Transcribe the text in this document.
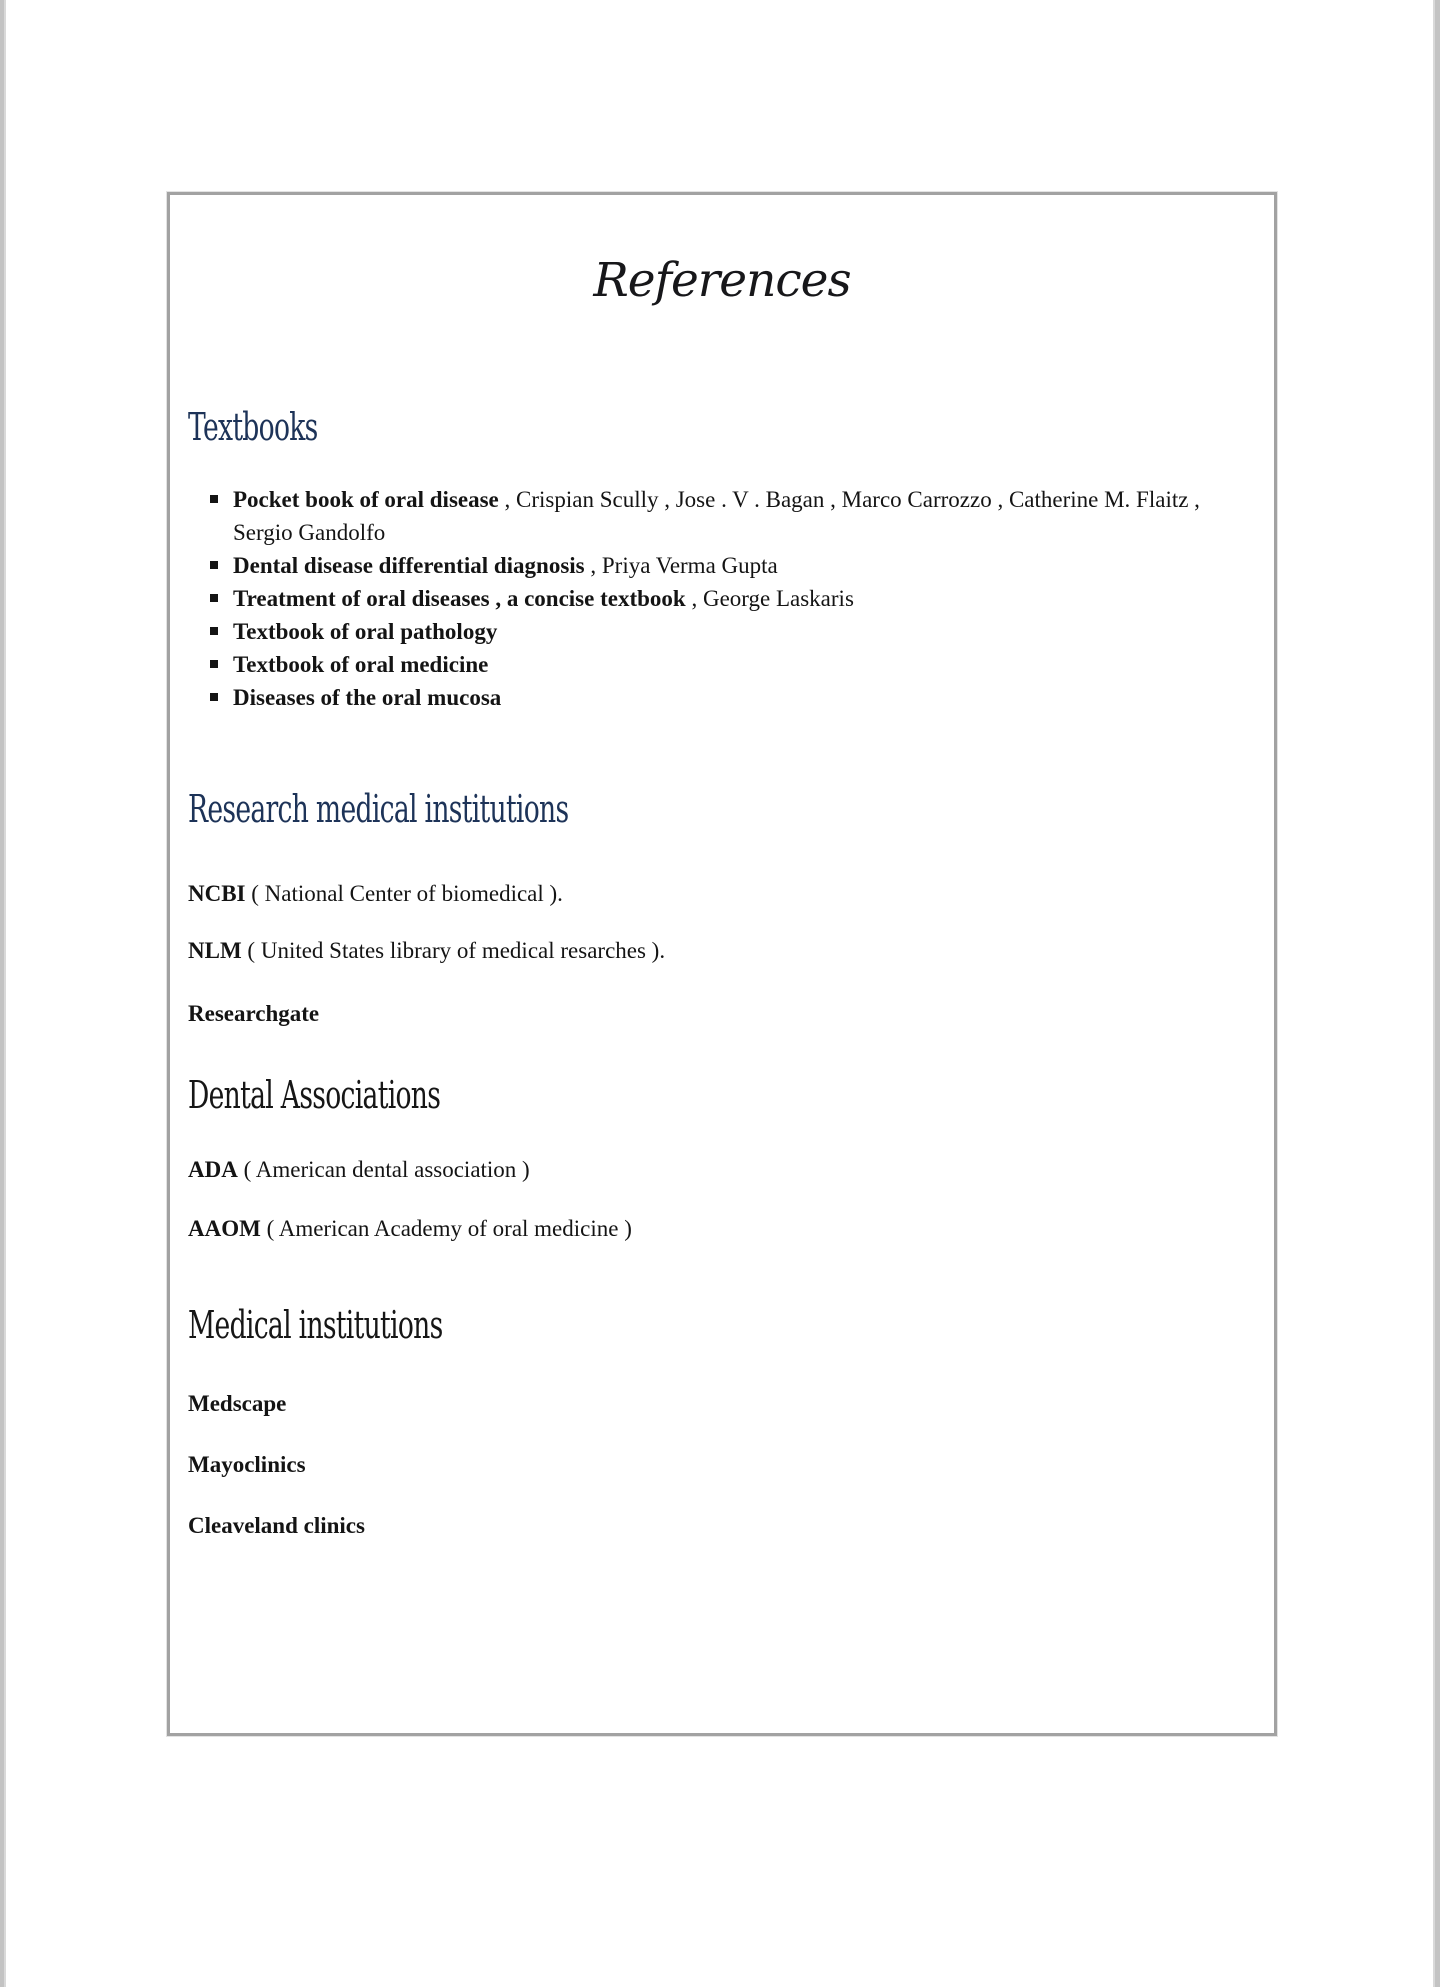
References
Textbooks
Pocket book of oral disease , Crispian Scully , Jose . V . Bagan , Marco Carrozzo , Catherine M. Flaitz , Sergio Gandolfo
Dental disease differential diagnosis , Priya Verma Gupta
Treatment of oral diseases , a concise textbook , George Laskaris
Textbook of oral pathology
Textbook of oral medicine
Diseases of the oral mucosa
Research medical institutions

NCBI ( National Center of biomedical ).

NLM ( United States library of medical resarches ).

Researchgate

Dental Associations

ADA ( American dental association )

AAOM ( American Academy of oral medicine )

Medical institutions

Medscape

Mayoclinics

Cleaveland clinics
